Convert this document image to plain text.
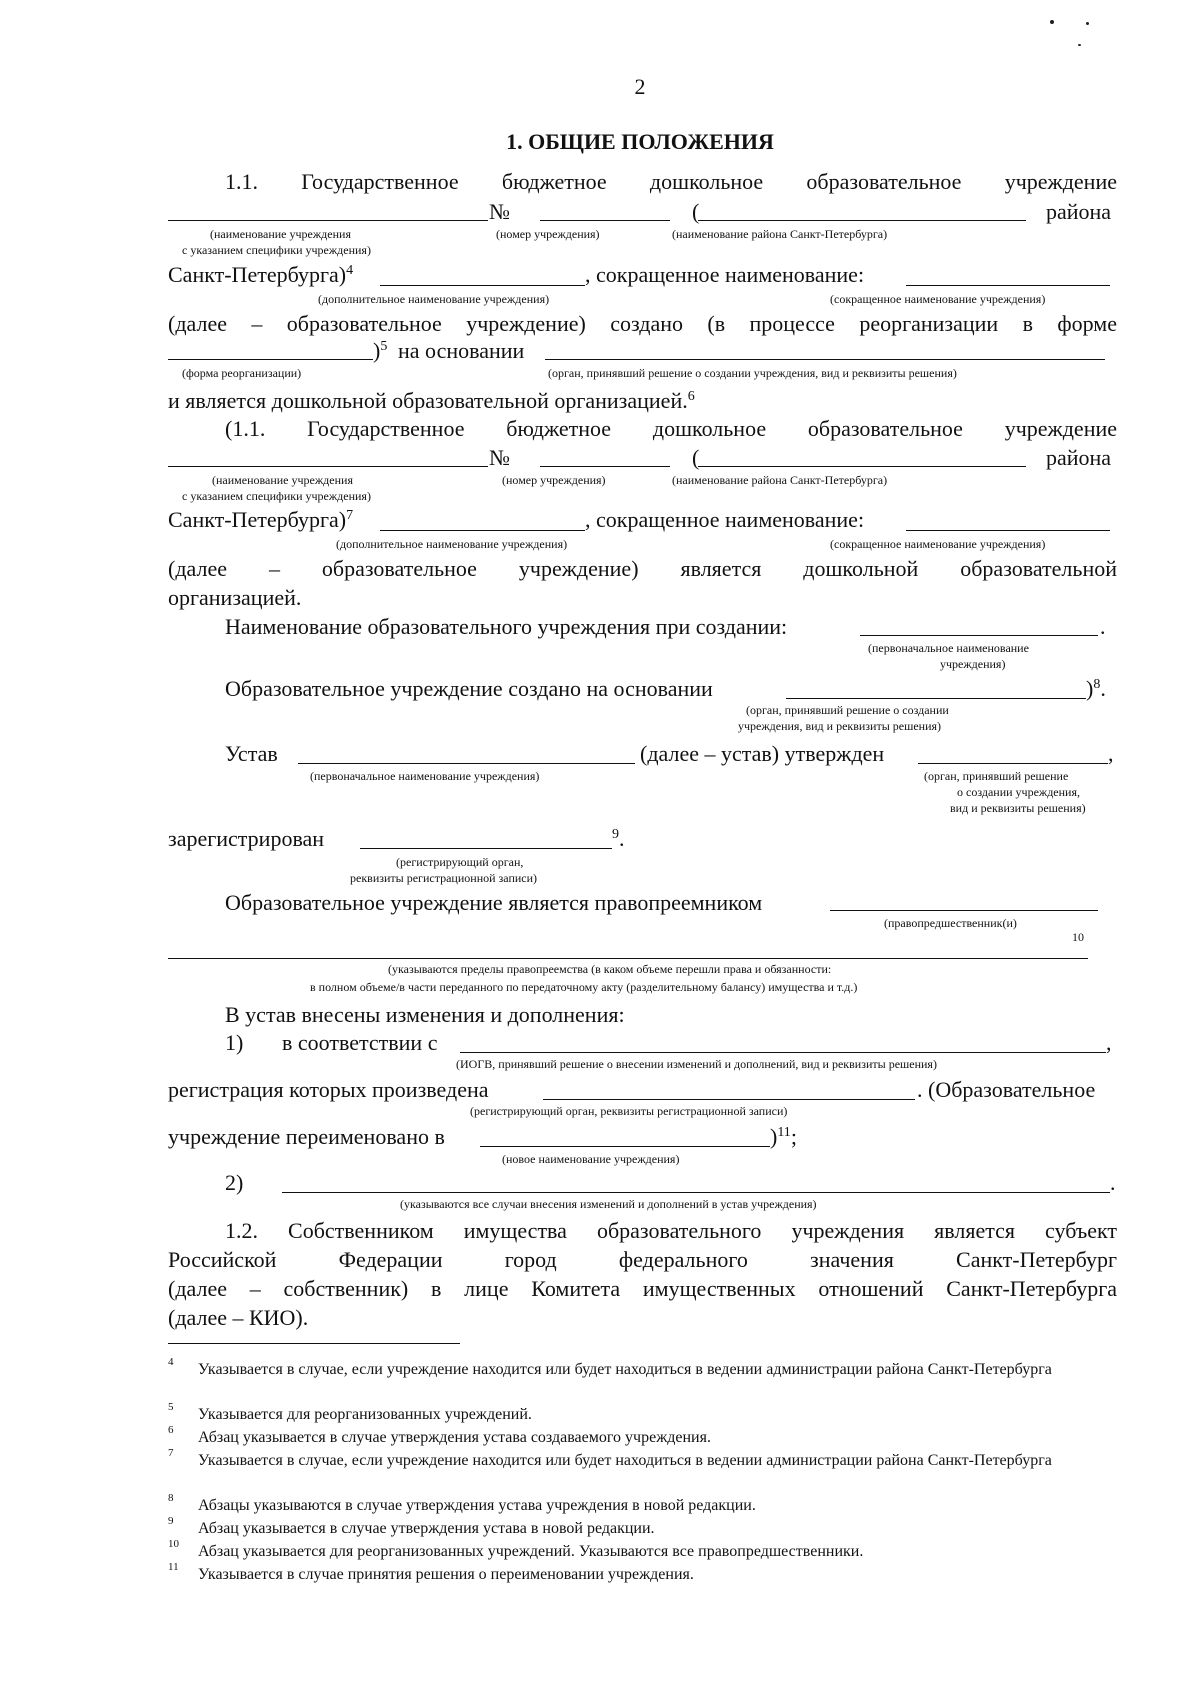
2
1. ОБЩИЕ ПОЛОЖЕНИЯ
1.1. Государственное бюджетное дошкольное образовательное учреждение
№	(	района
(наименование учреждения
с указанием специфики учреждения)
(номер учреждения)	(наименование района Санкт-Петербурга)
Санкт-Петербурга)$^4$	, сокращенное наименование:
(дополнительное наименование учреждения)	(сокращенное наименование учреждения)
(далее – образовательное учреждение) создано (в процессе реорганизации в форме
)$^5$ на основании
(форма реорганизации)	(орган, принявший решение о создании учреждения, вид и реквизиты решения)
и является дошкольной образовательной организацией.$^6$
(1.1. Государственное бюджетное дошкольное образовательное учреждение
№	(	района
(наименование учреждения
с указанием специфики учреждения)
(номер учреждения)	(наименование района Санкт-Петербурга)
Санкт-Петербурга)$^7$	, сокращенное наименование:
(дополнительное наименование учреждения)	(сокращенное наименование учреждения)
(далее – образовательное учреждение) является дошкольной образовательной
организацией.
Наименование образовательного учреждения при создании:	.
(первоначальное наименование
учреждения)
Образовательное учреждение создано на основании	)$^8$.
(орган, принявший решение о создании
учреждения, вид и реквизиты решения)
Устав	(далее – устав) утвержден	,
(первоначальное наименование учреждения)	(орган, принявший решение
о создании учреждения,
вид и реквизиты решения)
зарегистрирован	$^9$.
(регистрирующий орган,
реквизиты регистрационной записи)
Образовательное учреждение является правопреемником
(правопредшественник(и)
10
(указываются пределы правопреемства (в каком объеме перешли права и обязанности:
в полном объеме/в части переданного по передаточному акту (разделительному балансу) имущества и т.д.)
В устав внесены изменения и дополнения:
1) в соответствии с	,
(ИОГВ, принявший решение о внесении изменений и дополнений, вид и реквизиты решения)
регистрация которых произведена	. (Образовательное
(регистрирующий орган, реквизиты регистрационной записи)
учреждение переименовано в	)$^{11}$;
(новое наименование учреждения)
2)	.
(указываются все случаи внесения изменений и дополнений в устав учреждения)
1.2. Собственником имущества образовательного учреждения является субъект
Российской Федерации город федерального значения Санкт-Петербург
(далее – собственник) в лице Комитета имущественных отношений Санкт-Петербурга
(далее – КИО).
4 Указывается в случае, если учреждение находится или будет находиться в ведении администрации района Санкт-Петербурга
5 Указывается для реорганизованных учреждений.
6 Абзац указывается в случае утверждения устава создаваемого учреждения.
7 Указывается в случае, если учреждение находится или будет находиться в ведении администрации района Санкт-Петербурга
8 Абзацы указываются в случае утверждения устава учреждения в новой редакции.
9 Абзац указывается в случае утверждения устава в новой редакции.
10 Абзац указывается для реорганизованных учреждений. Указываются все правопредшественники.
11 Указывается в случае принятия решения о переименовании учреждения.
